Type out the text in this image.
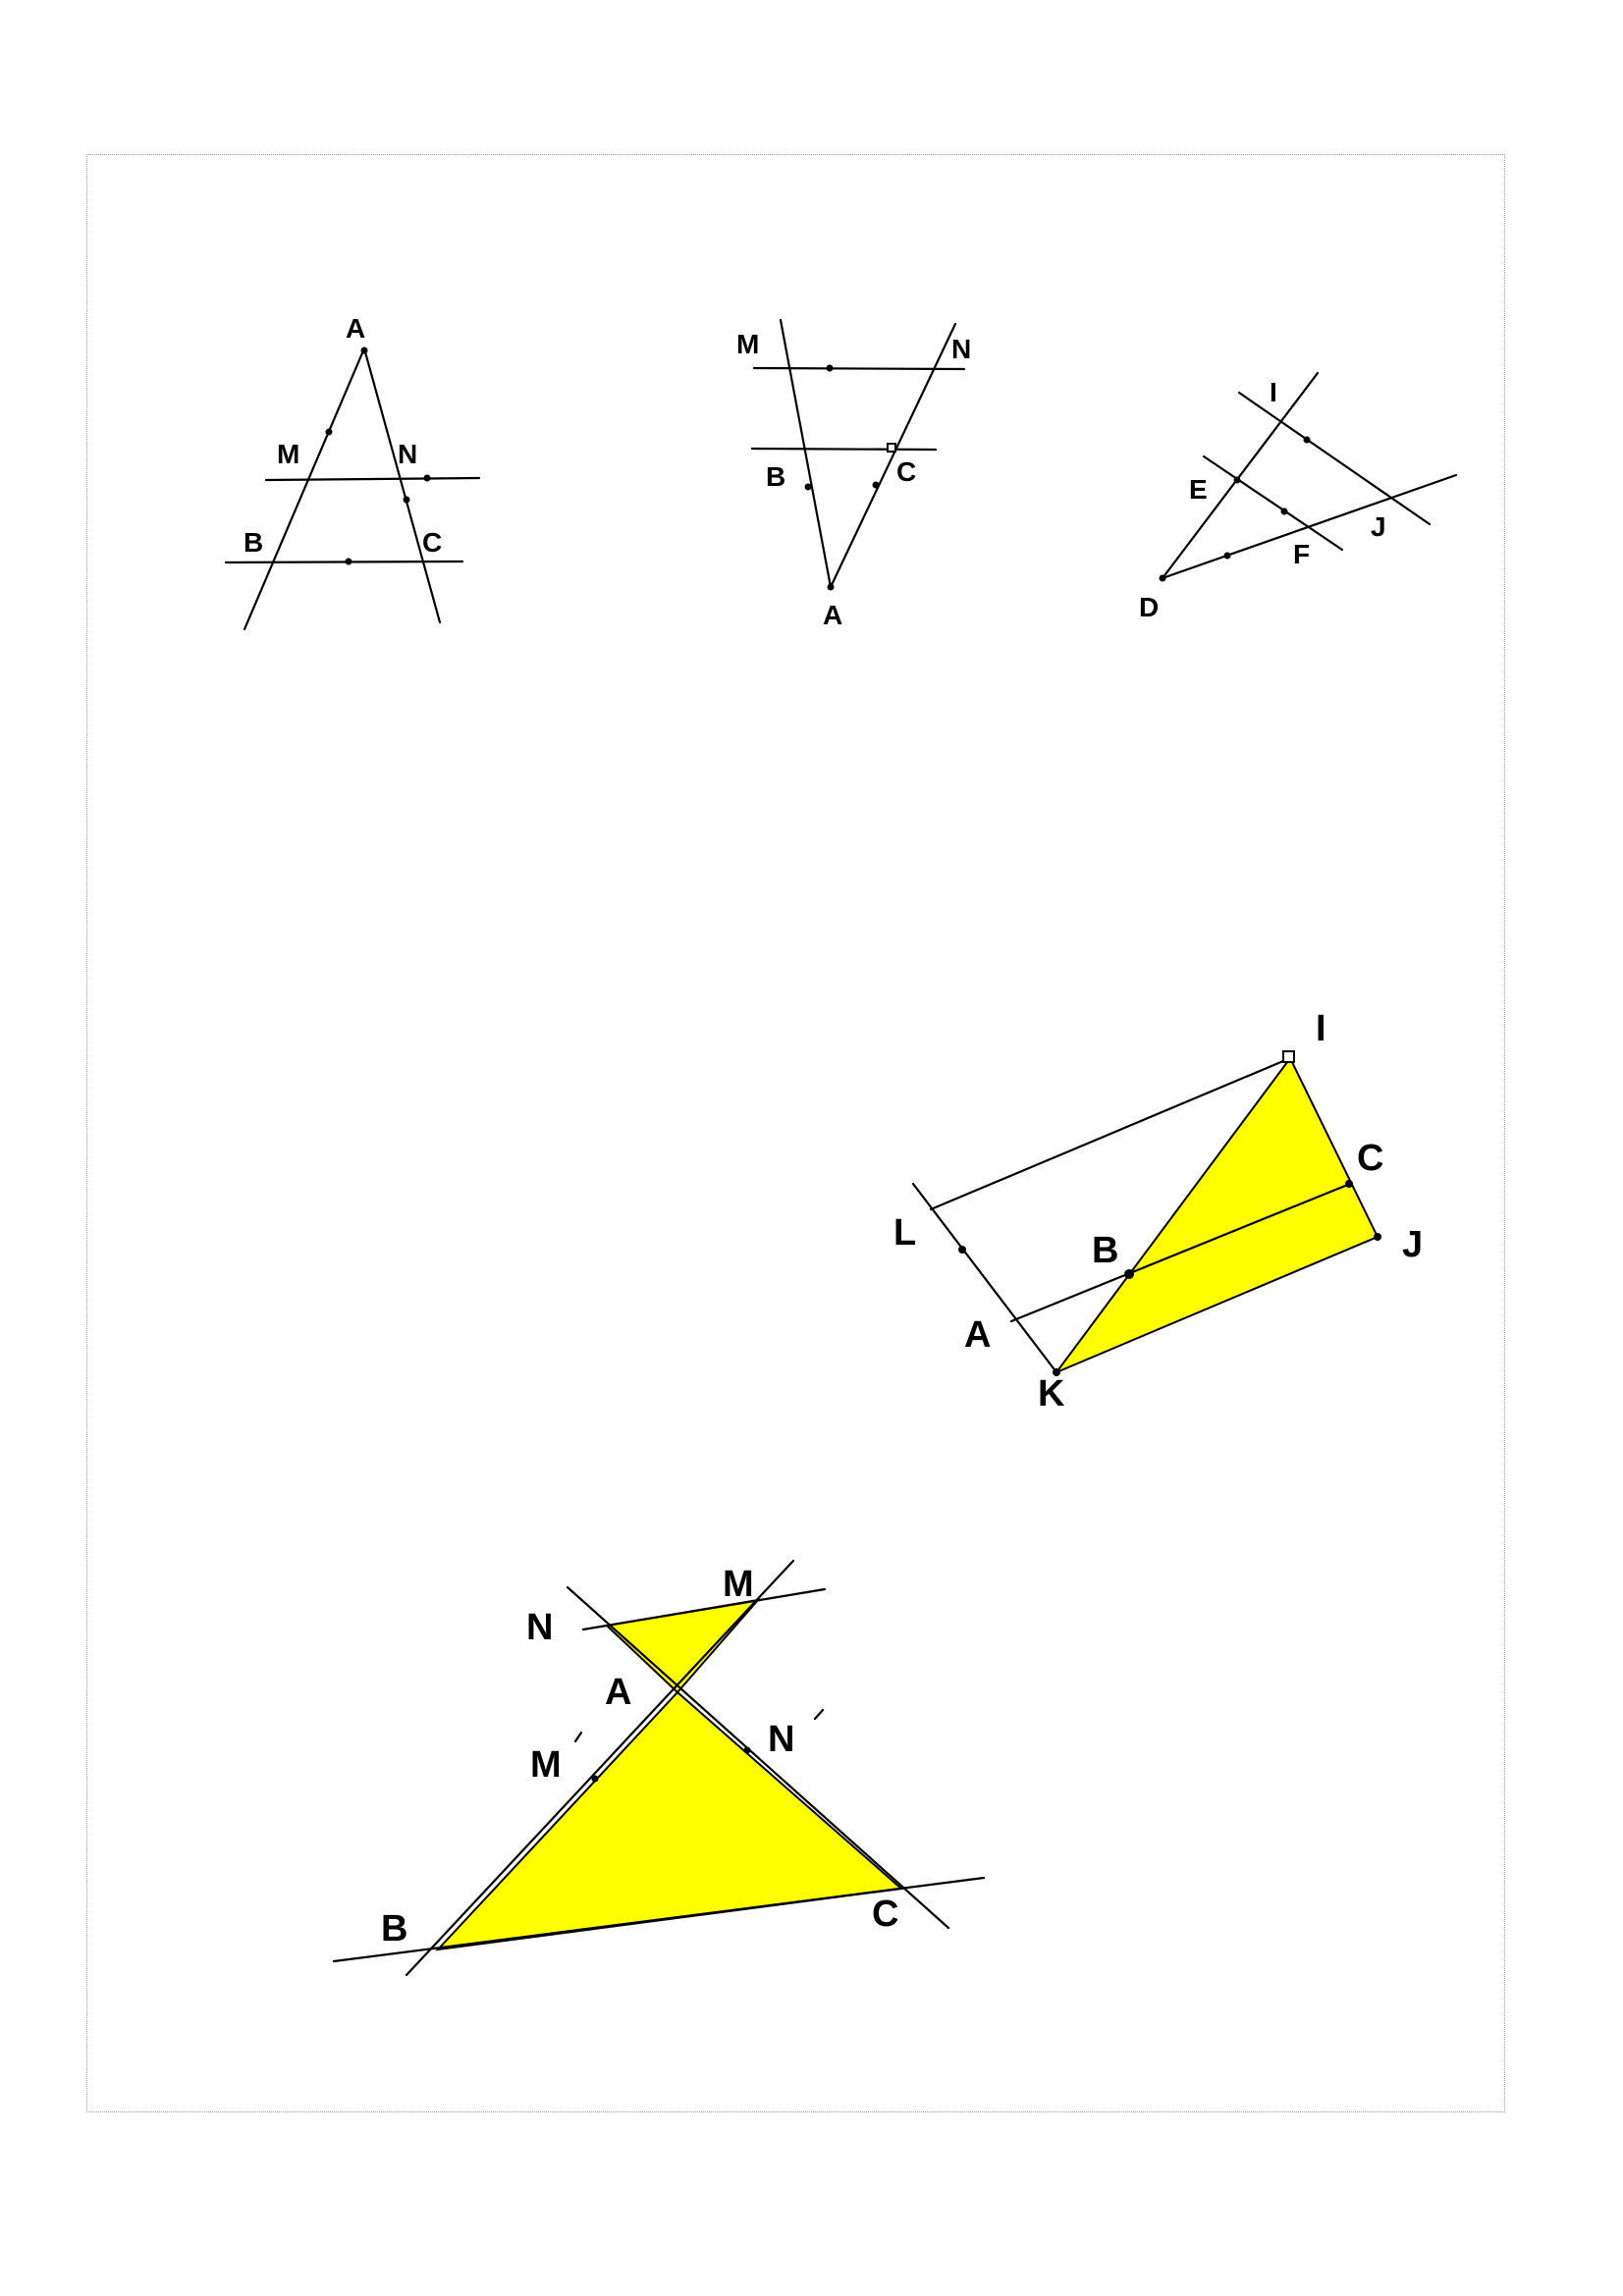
A
M	N
B	C
M	N
B	C
A
I
E
J
F
D
I
C
L	B	J
A
K
M
N
A
M
N
B	C
